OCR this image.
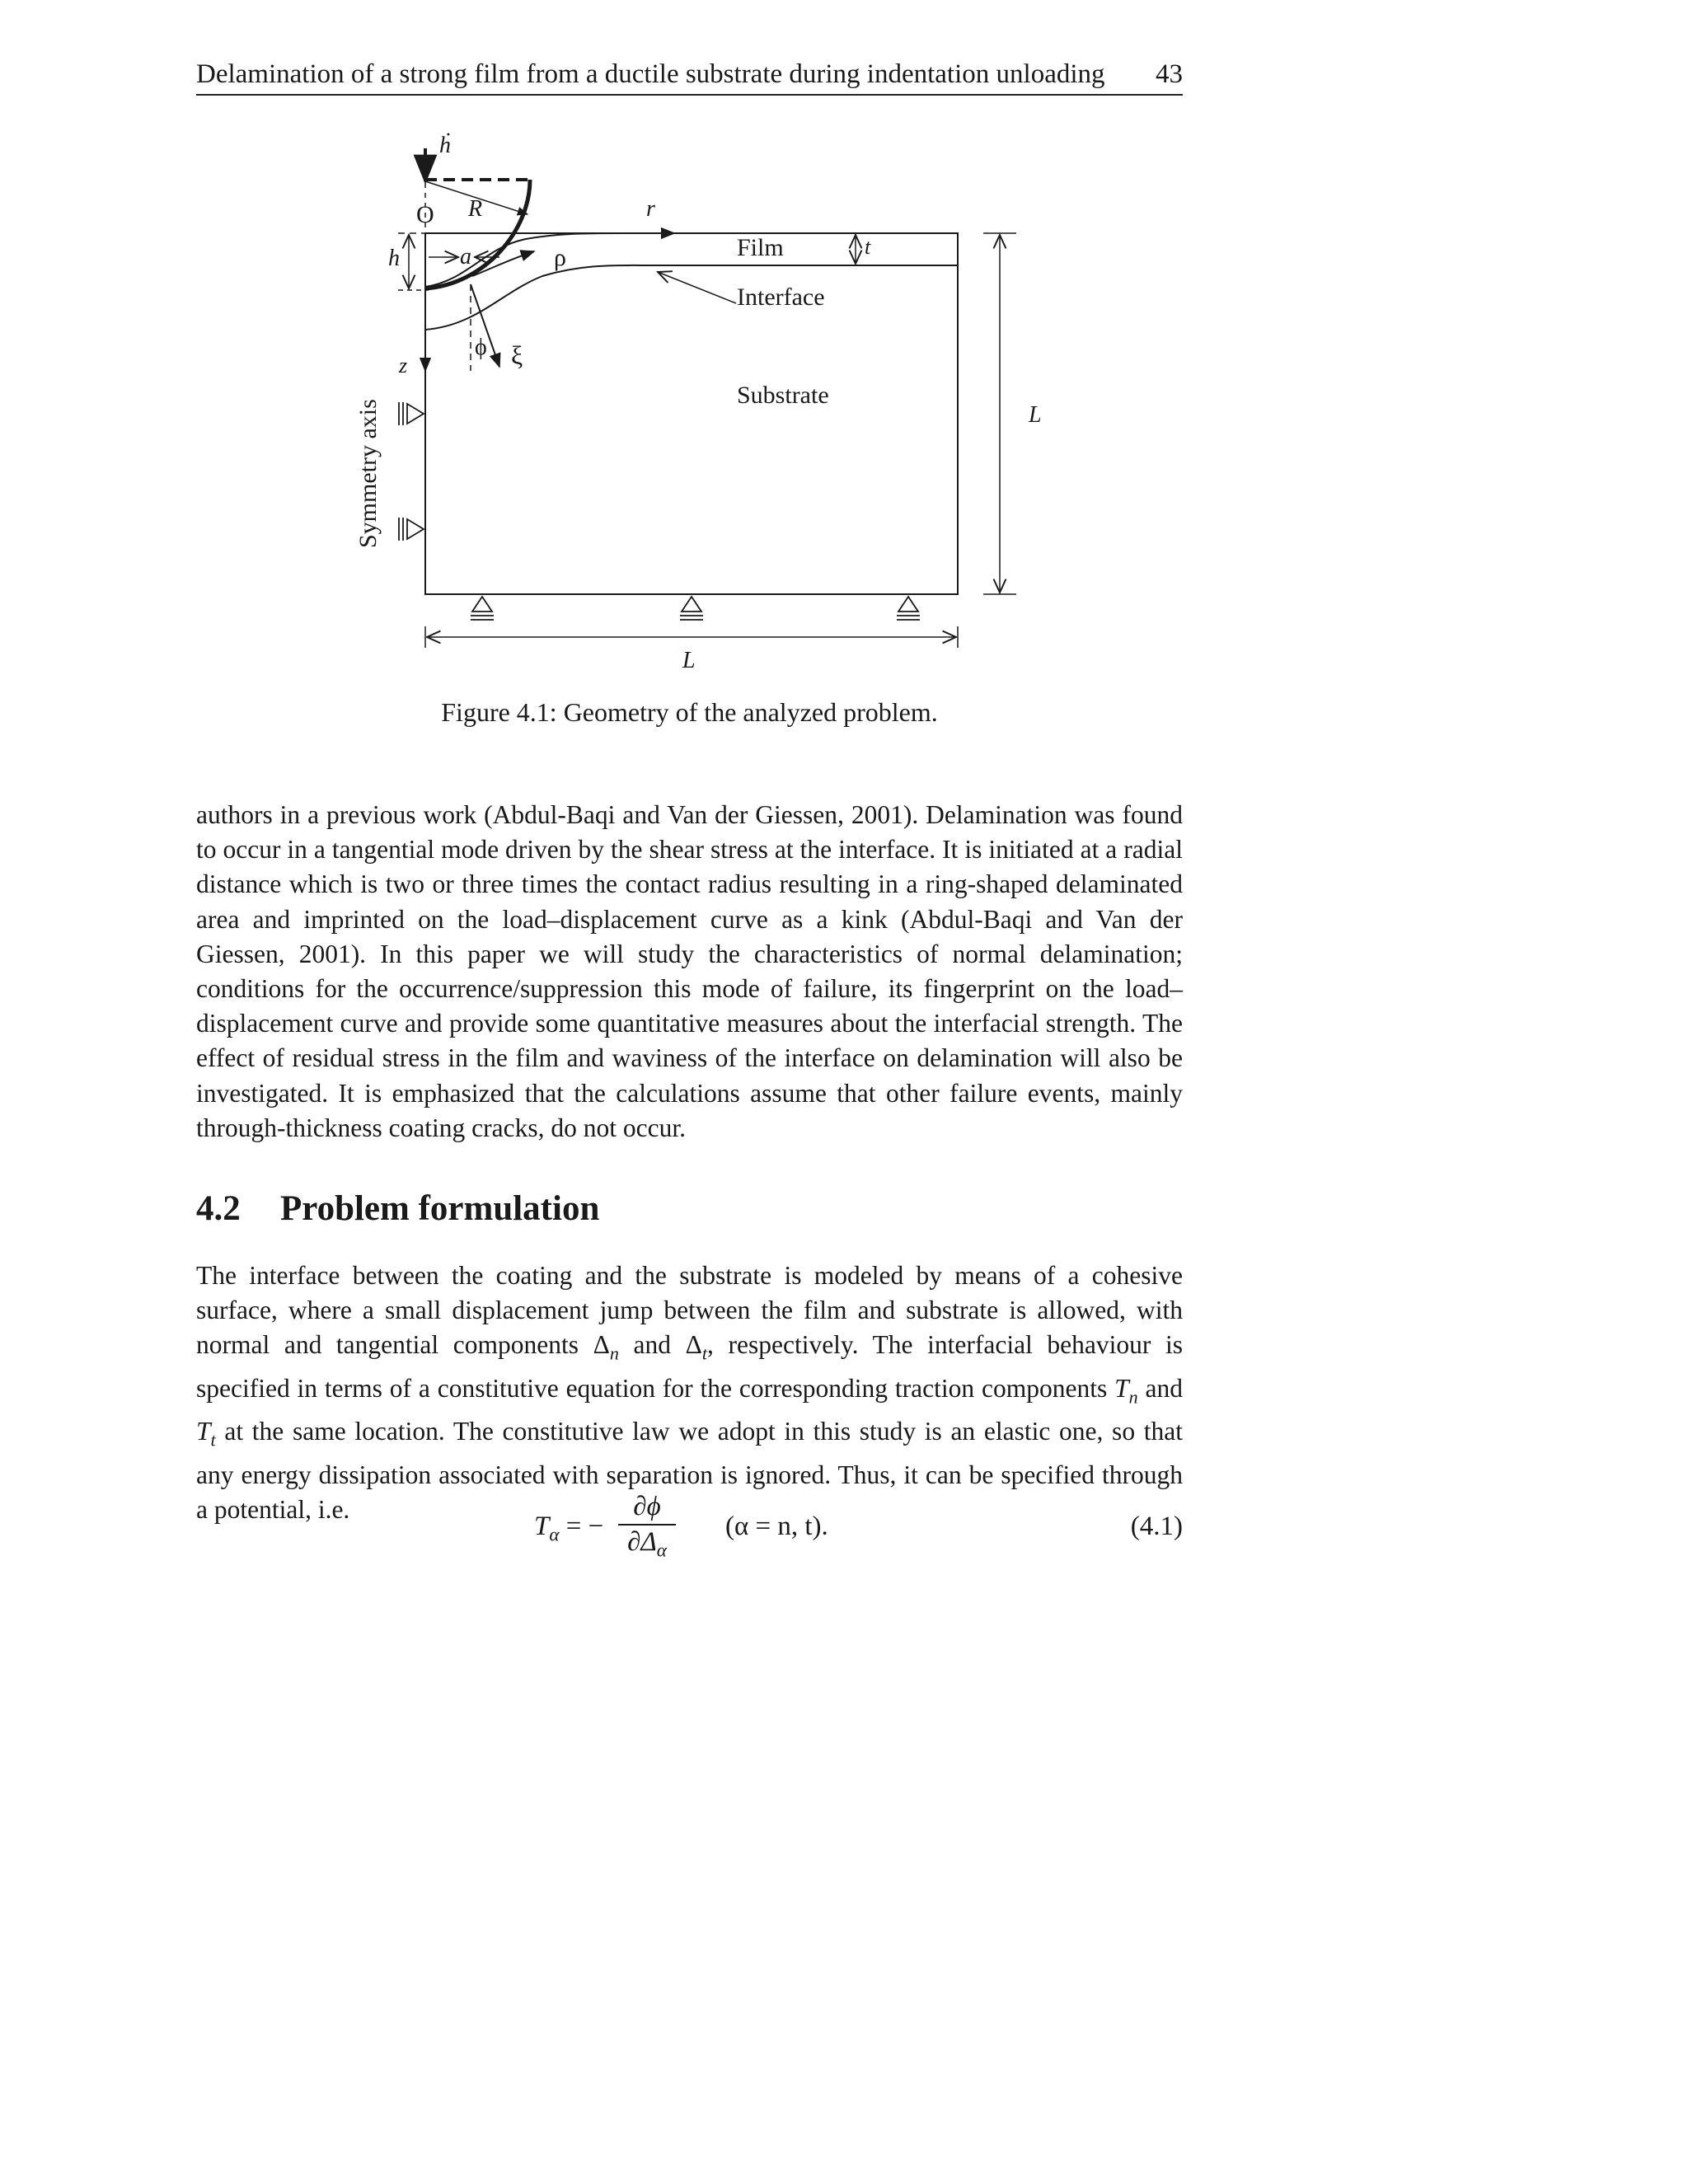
Delamination of a strong film from a ductile substrate during indentation unloading 43
ḣ
O R	r
h	a	ρ	Film	t
Interface
z
ϕ ξ
Substrate
L
L
Symmetry axis
Figure 4.1: Geometry of the analyzed problem.
authors in a previous work (Abdul-Baqi and Van der Giessen, 2001). Delamination was found to occur in a tangential mode driven by the shear stress at the interface. It is initiated at a radial distance which is two or three times the contact radius resulting in a ring-shaped delaminated area and imprinted on the load–displacement curve as a kink (Abdul-Baqi and Van der Giessen, 2001). In this paper we will study the characteristics of normal delamination; conditions for the occurrence/suppression this mode of failure, its fingerprint on the load–displacement curve and provide some quantitative measures about the interfacial strength. The effect of residual stress in the film and waviness of the interface on delamination will also be investigated. It is emphasized that the calculations assume that other failure events, mainly through-thickness coating cracks, do not occur.
4.2 Problem formulation
The interface between the coating and the substrate is modeled by means of a cohesive surface, where a small displacement jump between the film and substrate is allowed, with normal and tangential components $\Delta_n$ and $\Delta_t$, respectively. The interfacial behaviour is specified in terms of a constitutive equation for the corresponding traction components $T_n$ and $T_t$ at the same location. The constitutive law we adopt in this study is an elastic one, so that any energy dissipation associated with separation is ignored. Thus, it can be specified through a potential, i.e.
$T_\alpha$ = − $\frac{\partial\phi}{\partial\Delta_\alpha} (\alpha = n$, t).	(4.1)
